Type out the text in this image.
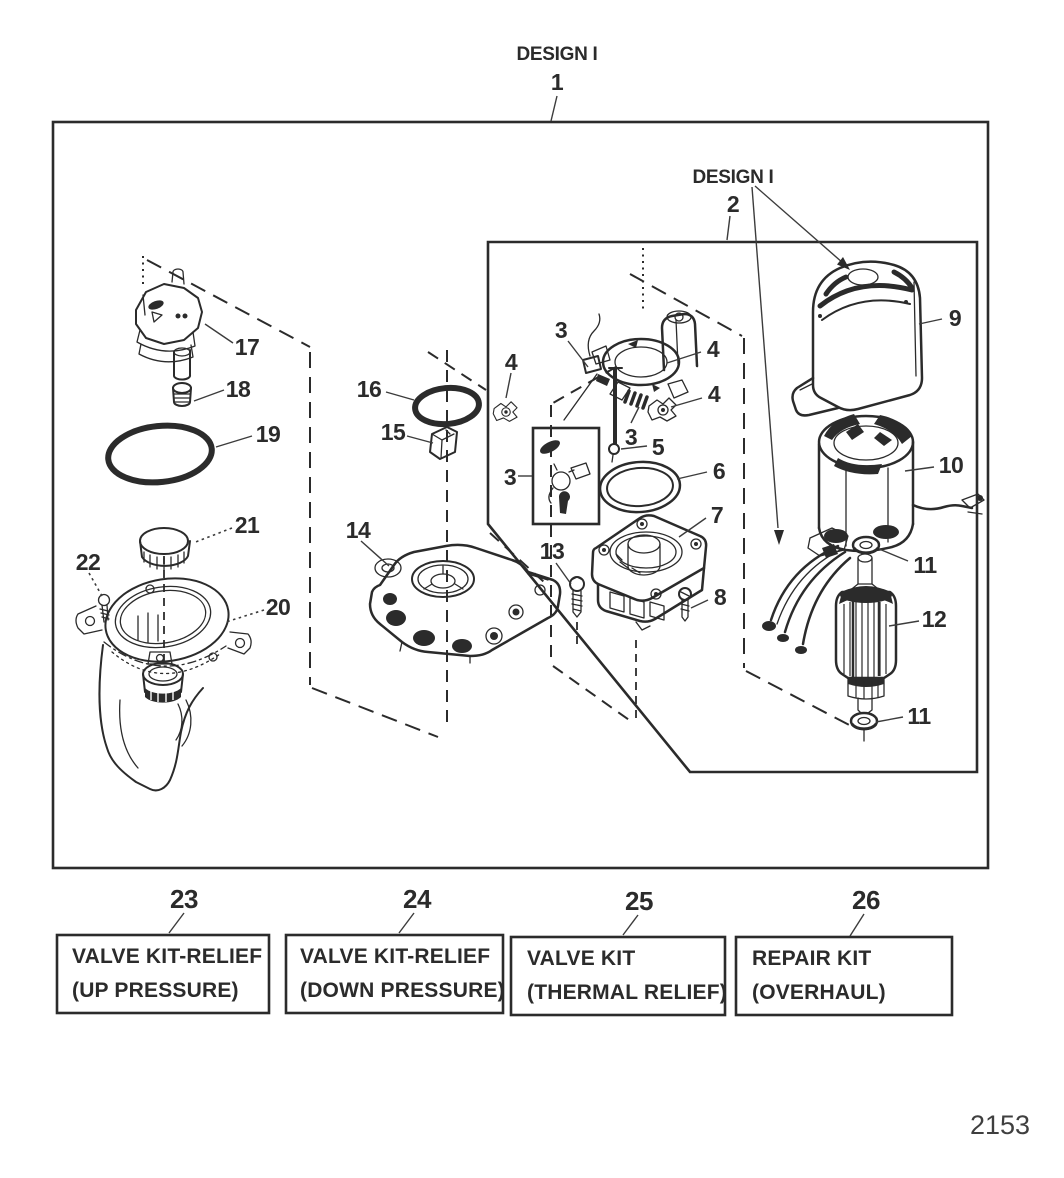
DESIGN I
1
DESIGN I
2
17
18
19
21
22
20
16
15
14
3
3
3
4
4
4
5
6
7
8
13
9
10
11
12
11
23
VALVE KIT-RELIEF
(UP PRESSURE)
24
VALVE KIT-RELIEF
(DOWN PRESSURE)
25
VALVE KIT
(THERMAL RELIEF)
26
REPAIR KIT
(OVERHAUL)
2153
